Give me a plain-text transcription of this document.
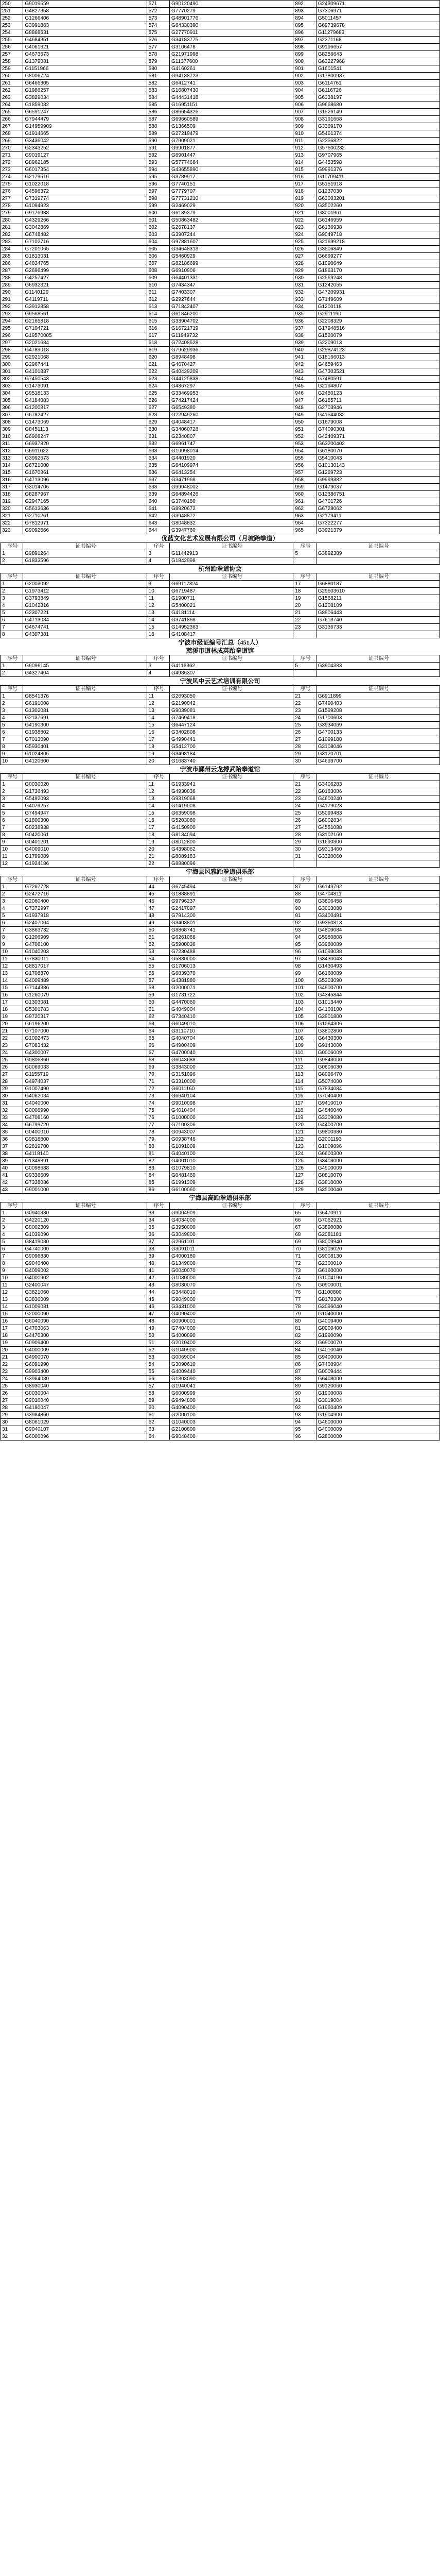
250	G9019559	571	G90120490	892	G24309671
251	G4827358	572	G7770279	893	G7306971
252	G1266406	573	G48901776	894	G5011457
253	G3991863	574	G64330390	895	G69739678
254	G8868531	575	G27770911	896	G11279683
255	G4684351	576	G34183775	897	G2371168
256	G4061321	577	G3106478	898	G9196657
257	G4673673	578	G21971998	899	G8256643
258	G1379081	579	G11377600	900	G63227968
259	G1151966	580	G4160261	901	G1601541
260	G8006724	581	G94138723	902	G17800937
261	G6466305	582	G6412741	903	G6114761
262	G1986257	583	G16807430	904	G6116726
263	G3829034	584	G44431418	905	G6338197
264	G1859082	585	G16951151	906	G9668680
265	G6591247	586	G86654326	907	G1526149
266	G7944479	587	G69660589	908	G3191668
267	G14959909	588	G1366509	909	G3369170
268	G1914665	589	G27219479	910	G5461374
269	G3436042	590	G7909021	911	G2356822
270	G2343252	591	G9901877	912	G57600232
271	G9019127	592	G6901447	913	G9707965
272	G8962185	593	G57774684	914	G4453598
273	G6017354	594	G43655890	915	G9991376
274	G2179516	595	G3789917	916	G11709411
275	G1022018	596	G7740151	917	G5151918
276	G4596372	597	G7779707	918	G1237030
277	G7319774	598	G77731210	919	G63003201
278	G1094923	599	G2469029	920	G3502260
279	G9176938	600	G6139379	921	G3001961
280	G4329266	601	G50863482	922	G6146959
281	G3042869	602	G2678137	923	G6136938
282	G6748482	603	G3907244	924	G9049718
283	G7102716	604	G97881607	925	G21699218
284	G7201065	605	G34648313	926	G3506849
285	G1813031	606	G5460929	927	G6699277
286	G4834765	607	G82186699	928	G1090649
287	G2696499	608	G6910906	929	G1863170
288	G4257427	609	G64401331	930	G2569248
289	G6932321	610	G7434347	931	G1242055
290	G1140129	611	G7403307	932	G47209931
291	G4119711	612	G2927644	933	G7149609
292	G3912858	613	G71842407	934	G1200118
293	G9568561	614	G61846200	935	G2911190
294	G2165818	615	G33904702	936	G2208329
295	G7104721	616	G16721719	937	G17948516
296	G19570005	617	G11949732	938	G1520079
297	G2021684	618	G72408528	939	G2209013
298	G4789018	619	G79629936	940	G29874123
299	G2921068	620	G8948498	941	G18166013
300	G2967441	621	G4670427	942	G4659463
301	G4101837	622	G40429209	943	G47303521
302	G7450543	623	G44125838	944	G7480591
303	G1473091	624	G4367297	945	G2194807
304	G9518133	625	G33469953	946	G2480123
305	G4184083	626	G74217424	947	G6185711
306	G1200817	627	G6549380	948	G2703946
307	G6782427	628	G22949260	949	G41544032
308	G1473069	629	G4048417	950	G1679008
309	G8451113	630	G34060728	951	G74090301
310	G6908247	631	G2340807	952	G42409371
311	G6937820	632	G6961747	953	G63200402
312	G6911022	633	G19098014	954	G6180070
313	G3992673	634	G4401920	955	G5410043
314	G6721000	635	G64109974	956	G10130143
315	G1670861	636	G6413254	957	G1269723
316	G4713096	637	G3471968	958	G9999382
317	G3014706	638	G99948002	959	G1479037
318	G8287967	639	G64894426	960	G12386751
319	G2947165	640	G3740180	961	G4701726
320	G5613636	641	G8920672	962	G6728062
321	G2710261	642	G3948872	963	G2179411
322	G7812971	643	G8048832	964	G7322277
323	G9092566	644	G3947760	965	G3921379
优蓝文化艺术发展有限公司（月坡跆拳道）
序号	证书编号	序号	证书编号	序号	证书编号
1	G9891264	3	G11442913	5	G3892389
2	G1833596	4	G1842998		
杭州跆拳道协会
序号	证书编号	序号	证书编号	序号	证书编号
1	G2003092	9	G69117824	17	G6880187
2	G1973412	10	G6719487	18	G29603610
3	G3793849	11	G1900711	19	G1568211
4	G1042316	12	G5400021	20	G1208109
5	G2307221	13	G4181114	21	G8906443
6	G4713084	14	G3741868	22	G7613740
7	G4674741	15	G14952363	23	G3136733
8	G4307381	16	G4108417		
宁波市级证编号汇总（451人）
慈溪市道林成英跆拳道馆
序号	证书编号	序号	证书编号	序号	证书编号
1	G9096145	3	G4118362	5	G3904383
2	G4327404	4	G4986307		
宁波风中云艺术培训有限公司
序号	证书编号	序号	证书编号	序号	证书编号
1	G8541376	11	G2693050	21	G6911899
2	G6191008	12	G2190042	22	G7490403
3	G1302081	13	G9039081	23	G1599208
4	G2137691	14	G7469418	24	G1700603
5	G4190300	15	G6447124	25	G3934069
6	G1938802	16	G3402808	26	G4700133
7	G7013090	17	G4990441	27	G1099188
8	G5930401	18	G5412700	28	G3108046
9	G1024806	19	G3498184	29	G3120701
10	G4120600	20	G1683740	30	G4693700
宁波市鄞州云龙搏武跆拳道馆
序号	证书编号	序号	证书编号	序号	证书编号
1	G0030020	11	G1933941	21	G3406283
2	G1736493	12	G4930036	22	G0183086
3	G5492093	13	G9319068	23	G4600240
4	G4079257	14	G1419008	24	G4179023
5	G7494947	15	G6359098	25	G5099483
6	G1800300	16	G5203080	26	G6002834
7	G0238938	17	G4150900	27	G4551088
8	G0420061	18	G8134094	28	G3102160
9	G0401201	19	G8012800	29	G1690300
10	G4009010	20	G4398062	30	G9313460
11	G1799089	21	G8089183	31	G3320060
12	G1924186	22	G8880096		
宁海县风雅跆拳道俱乐部
序号	证书编号	序号	证书编号	序号	证书编号
1	G7267728	44	G6745494	87	G6149792
2	G2472716	45	G1888891	88	G4704811
3	G2060400	46	G9796237	89	G3806458
4	G7372997	47	G2417897	90	G3003088
5	G1937918	48	G7914300	91	G3400491
6	G2407004	49	G3403801	92	G9360813
7	G3863732	50	G8868741	93	G4809084
8	G1206909	51	G6261086	94	G5980808
9	G4706100	52	G5900036	95	G3980089
10	G1040203	53	G7230488	96	G1093038
11	G7830011	54	G5830000	97	G3430043
12	G8817017	55	G1706013	98	G1430493
13	G1708870	56	G6839370	99	G6160089
14	G4009489	57	G4381880	100	G5303090
15	G7144386	58	G2000071	101	G4900700
16	G1260079	59	G1731722	102	G4345844
17	G1303081	60	G4470060	103	G1013440
18	G5301783	61	G4049004	104	G4100100
19	G9720317	62	G7340410	105	G3901800
20	G6196200	63	G6049010	106	G1064306
21	G7107000	64	G3110710	107	G3802800
22	G1002473	65	G4040704	108	G6430300
23	G7083432	66	G4900409	109	G9143000
24	G4300007	67	G4700040	110	G0006009
25	G0806860	68	G6043688	111	G9843000
26	G0069083	69	G3843000	112	G0606030
27	G1155719	70	G3151096	113	G8096470
28	G4974037	71	G3310000	114	G5074000
29	G1007490	72	G6011160	115	G7834084
30	G4062084	73	G6640104	116	G7040400
31	G4040000	74	G9010098	117	G9410010
32	G0008990	75	G4010404	118	G4840040
33	G4708160	76	G1000000	119	G3309080
34	G6799720	77	G7100306	120	G4400700
35	G0400010	78	G0943007	121	G9800380
36	G9818800	79	G0938746	122	G2001193
37	G2819700	80	G1091009	123	G1009096
38	G4118140	81	G4040100	124	G6600300
39	G1348891	82	G4001010	125	G3403000
40	G0098688	83	G1079810	126	G4900009
41	G9336609	84	G0481460	127	G0810070
42	G7338086	85	G1991309	128	G3810000
43	G9001000	86	G6100060	129	G3500040
宁海县高跆拳道俱乐部
序号	证书编号	序号	证书编号	序号	证书编号
1	G0940330	33	G9004909	65	G6470911
2	G4220120	34	G4034000	66	G7062921
3	G8002309	35	G3950000	67	G3890080
4	G1039090	36	G3049800	68	G2081181
5	G8419080	37	G2961101	69	G8009940
6	G4740000	38	G3091011	70	G8109020
7	G9096830	39	G4000180	71	G9008130
8	G9040400	40	G1349800	72	G2300010
9	G4009002	41	G0040070	73	G6160000
10	G4000902	42	G1030000	74	G1004190
11	G2400047	43	G8030070	75	G0900001
12	G3821060	44	G3448010	76	G1100800
13	G3830009	45	G9049000	77	G8170300
14	G1009081	46	G3431000	78	G3096040
15	G2000090	47	G4090400	79	G1040000
16	G6040090	48	G0900001	80	G4009400
17	G4703063	49	G7404000	81	G0000400
18	G4470300	50	G4000090	82	G1990090
19	G0909400	51	G2010400	83	G6900070
20	G4000009	52	G1040900	84	G4010040
21	G4900070	53	G0069004	85	G9400000
22	G6091990	54	G3090610	86	G7400904
23	G9903400	55	G4009440	87	G0009444
24	G3964080	56	G1303090	88	G6408000
25	G8930040	57	G1940041	89	G9120060
26	G0030004	58	G6000999	90	G1900008
27	G9010040	59	G9494800	91	G3019004
28	G4180047	60	G4090400	92	G1960409
29	G3984860	61	G2000100	93	G1904900
30	G8061029	62	G1040003	94	G4600000
31	G9040107	63	G2100800	95	G4000009
32	G6000096	64	G9048400	96	G2800000
